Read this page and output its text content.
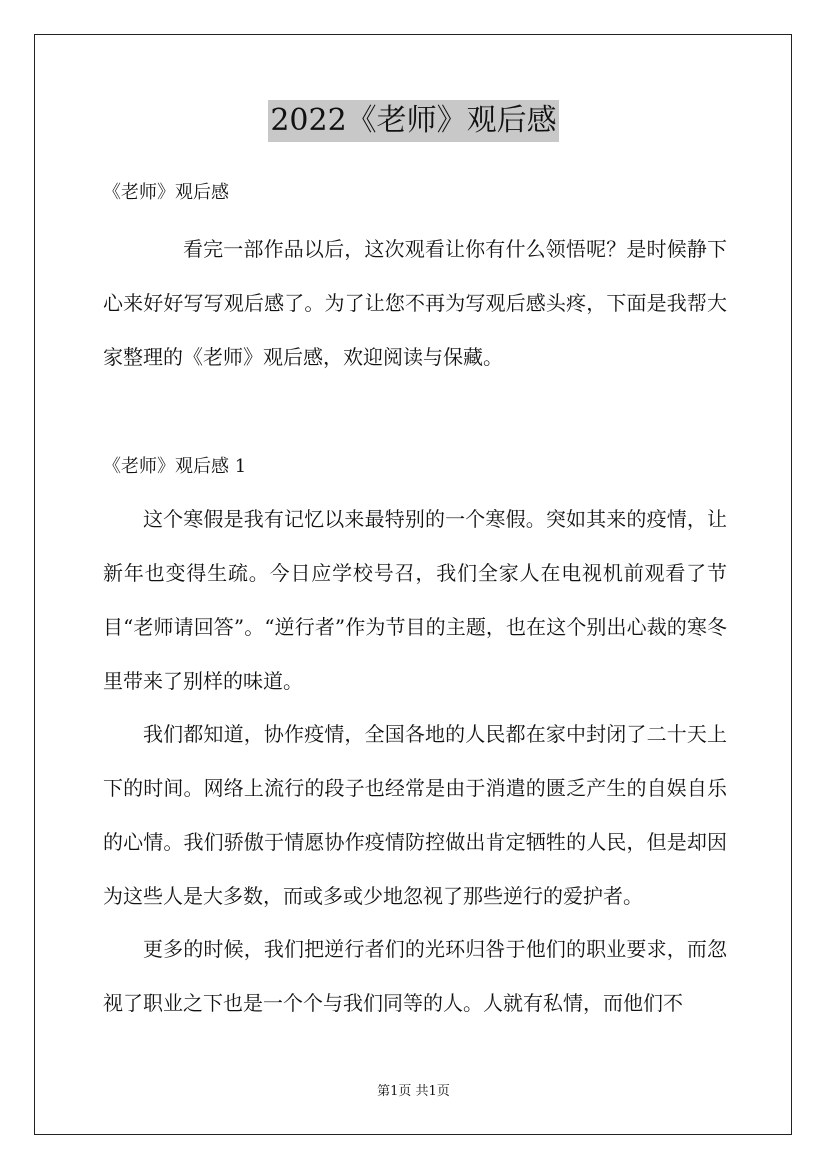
2022《老师》观后感
《老师》观后感

看完一部作品以后，这次观看让你有什么领悟呢？是时候静下心来好好写写观后感了。为了让您不再为写观后感头疼，下面是我帮大家整理的《老师》观后感，欢迎阅读与保藏。

《老师》观后感 1

这个寒假是我有记忆以来最特别的一个寒假。突如其来的疫情，让新年也变得生疏。今日应学校号召，我们全家人在电视机前观看了节目“老师请回答”。“逆行者”作为节目的主题，也在这个别出心裁的寒冬里带来了别样的味道。

我们都知道，协作疫情，全国各地的人民都在家中封闭了二十天上下的时间。网络上流行的段子也经常是由于消遣的匮乏产生的自娱自乐的心情。我们骄傲于情愿协作疫情防控做出肯定牺牲的人民，但是却因为这些人是大多数，而或多或少地忽视了那些逆行的爱护者。

更多的时候，我们把逆行者们的光环归咎于他们的职业要求，而忽视了职业之下也是一个个与我们同等的人。人就有私情，而他们不

第1页 共1页
